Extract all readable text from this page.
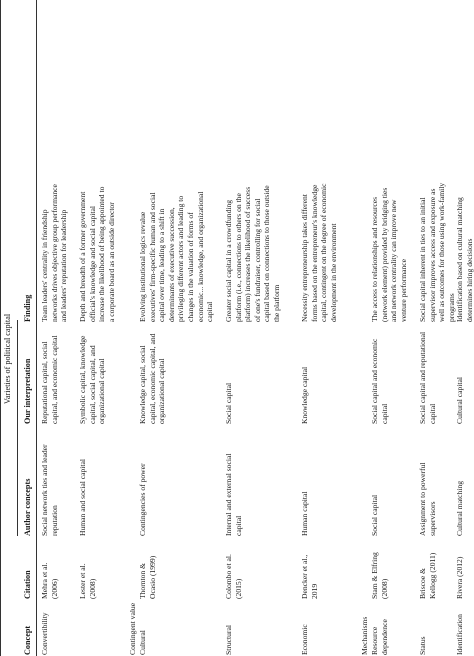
Varieties of political capital
Concept
Citation
Author concepts
Our interpretation
Finding
Convertibility
Mehra et al. (2006)
Social network ties and leader reputation
Reputational capital, social capital, and economic capital
Team leaders' centrality in friendship networks drives objective group performance and leaders' reputation for leadership
Lester et al. (2008)
Human and social capital
Symbolic capital, knowledge capital, social capital, and organizational capital
Depth and breadth of a former government official's knowledge and social capital increase the likelihood of being appointed to a corporate board as an outside director
Contingent value Cultural
Thornton & Ocasio (1999)
Contingencies of power
Knowledge capital, social capital, economic capital, and organizational capital
Evolving institutional logics revalue executives' firm-specific human and social capital over time, leading to a shift in determinants of executive succession, privileging different actors and leading to changes in the valuation of forms of economic... knowledge, and organizational capital
Structural
Colombo et al. (2015)
Internal and external social capital
Social capital
Greater social capital in a crowdfunding platform (i.e., connections to others on the platform) increases the likelihood of success of one's fundraiser, controlling for social capital based on connections to those outside the platform
Economic
Dencker et al., 2019
Human capital
Knowledge capital
Necessity entrepreneurship takes different forms based on the entrepreneur's knowledge capital, contingent on the degree of economic development in the environment
Mechanisms Resource dependence
Stam & Elfring (2008)
Social capital
Social capital and economic capital
The access to relationships and resources (network element) provided by bridging ties and network centrality can improve new venture performance
Status
Briscoe & Kellogg (2011)
Assignment to powerful supervisors
Social capital and reputational capital
Social capital inherent in ties to an initial supervisor improves access and exposure as well as outcomes for those using work-family programs
Identification
Rivera (2012)
Cultural matching
Cultural capital
Identification based on cultural matching determines hiring decisions
